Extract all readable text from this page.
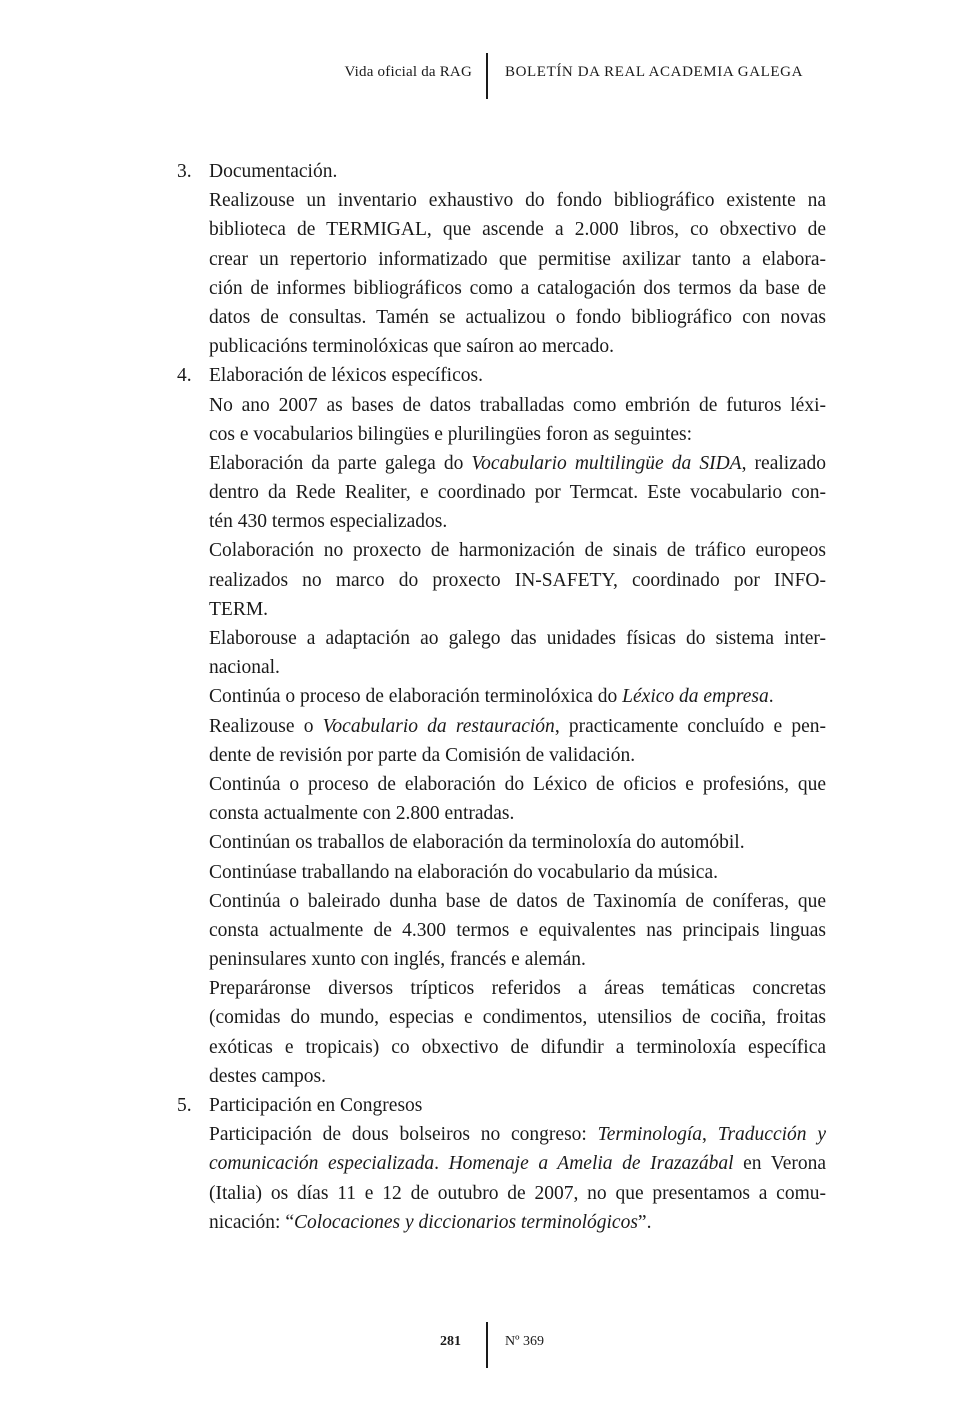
Vida oficial da RAG BOLETÍN DA REAL ACADEMIA GALEGA
3. Documentación.
Realizouse un inventario exhaustivo do fondo bibliográfico existente na
biblioteca de TERMIGAL, que ascende a 2.000 libros, co obxectivo de
crear un repertorio informatizado que permitise axilizar tanto a elabora-
ción de informes bibliográficos como a catalogación dos termos da base de
datos de consultas. Tamén se actualizou o fondo bibliográfico con novas
publicacións terminolóxicas que saíron ao mercado.
4. Elaboración de léxicos específicos.
No ano 2007 as bases de datos traballadas como embrión de futuros léxi-
cos e vocabularios bilingües e plurilingües foron as seguintes:
Elaboración da parte galega do Vocabulario multilingüe da SIDA, realizado
dentro da Rede Realiter, e coordinado por Termcat. Este vocabulario con-
tén 430 termos especializados.
Colaboración no proxecto de harmonización de sinais de tráfico europeos
realizados no marco do proxecto IN-SAFETY, coordinado por INFO-
TERM.
Elaborouse a adaptación ao galego das unidades físicas do sistema inter-
nacional.
Continúa o proceso de elaboración terminolóxica do Léxico da empresa.
Realizouse o Vocabulario da restauración, practicamente concluído e pen-
dente de revisión por parte da Comisión de validación.
Continúa o proceso de elaboración do Léxico de oficios e profesións, que
consta actualmente con 2.800 entradas.
Continúan os traballos de elaboración da terminoloxía do automóbil.
Continúase traballando na elaboración do vocabulario da música.
Continúa o baleirado dunha base de datos de Taxinomía de coníferas, que
consta actualmente de 4.300 termos e equivalentes nas principais linguas
peninsulares xunto con inglés, francés e alemán.
Preparáronse diversos trípticos referidos a áreas temáticas concretas
(comidas do mundo, especias e condimentos, utensilios de cociña, froitas
exóticas e tropicais) co obxectivo de difundir a terminoloxía específica
destes campos.
5. Participación en Congresos
Participación de dous bolseiros no congreso: Terminología, Traducción y
comunicación especializada. Homenaje a Amelia de Irazazábal en Verona
(Italia) os días 11 e 12 de outubro de 2007, no que presentamos a comu-
nicación: “Colocaciones y diccionarios terminológicos”.
281	Nº 369
